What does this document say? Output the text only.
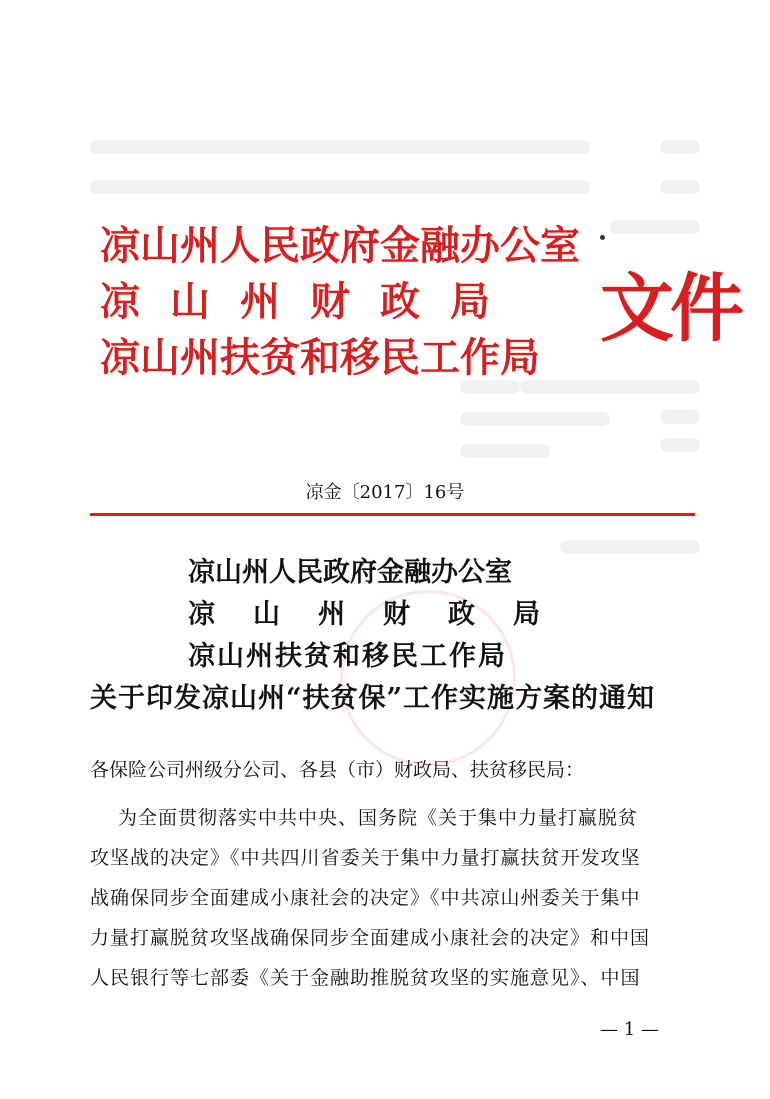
凉山州人民政府金融办公室
凉山州财政局
凉山州扶贫和移民工作局
文件
凉金〔2017〕16号
凉山州人民政府金融办公室
凉山州财政局
凉山州扶贫和移民工作局
关于印发凉山州“扶贫保”工作实施方案的通知
各保险公司州级分公司、各县（市）财政局、扶贫移民局：
为全面贯彻落实中共中央、国务院《关于集中力量打赢脱贫
攻坚战的决定》《中共四川省委关于集中力量打赢扶贫开发攻坚
战确保同步全面建成小康社会的决定》《中共凉山州委关于集中
力量打赢脱贫攻坚战确保同步全面建成小康社会的决定》和中国
人民银行等七部委《关于金融助推脱贫攻坚的实施意见》、中国
— 1 —
